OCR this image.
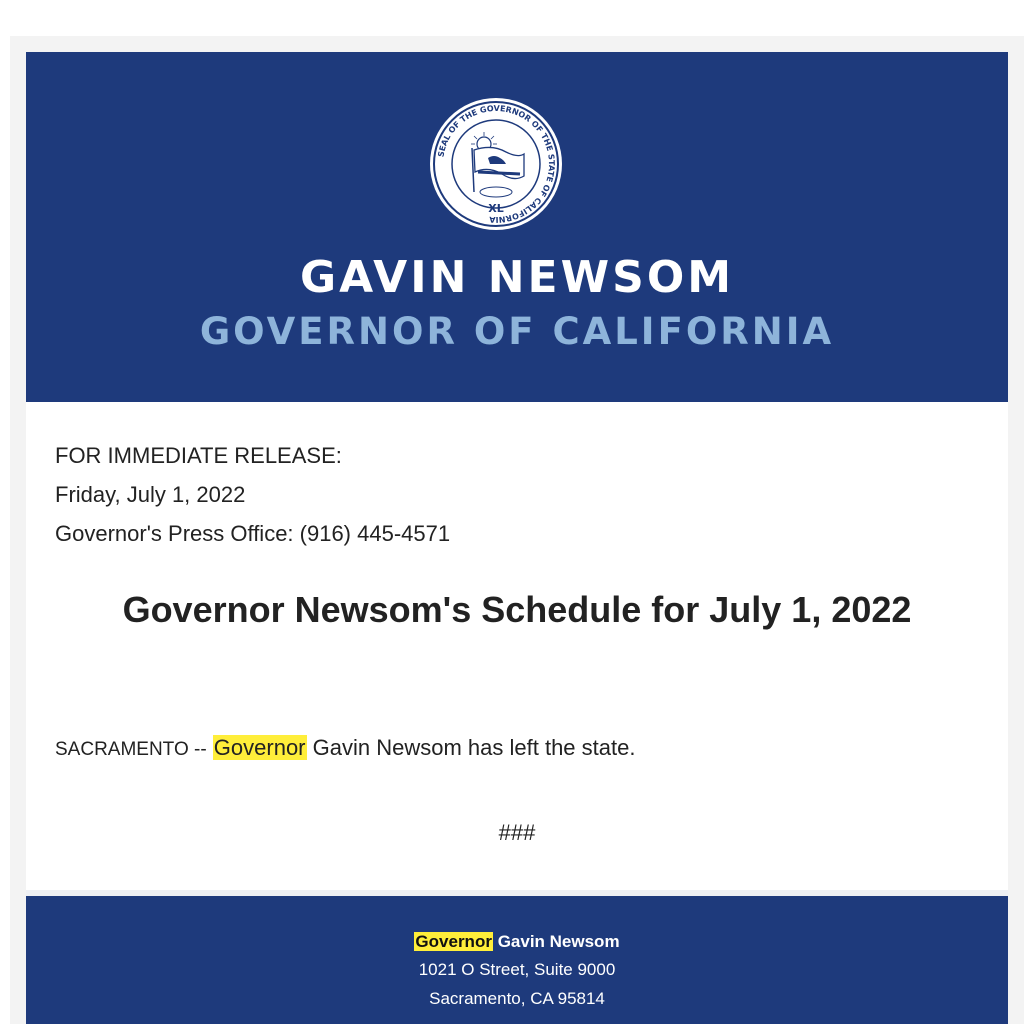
SEAL OF THE GOVERNOR OF THE STATE OF CALIFORNIA
XL
GAVIN NEWSOM
GOVERNOR OF CALIFORNIA
FOR IMMEDIATE RELEASE:
Friday, July 1, 2022
Governor's Press Office: (916) 445-4571
Governor Newsom's Schedule for July 1, 2022
SACRAMENTO -- Governor Gavin Newsom has left the state.
###
Governor Gavin Newsom
1021 O Street, Suite 9000
Sacramento, CA 95814
